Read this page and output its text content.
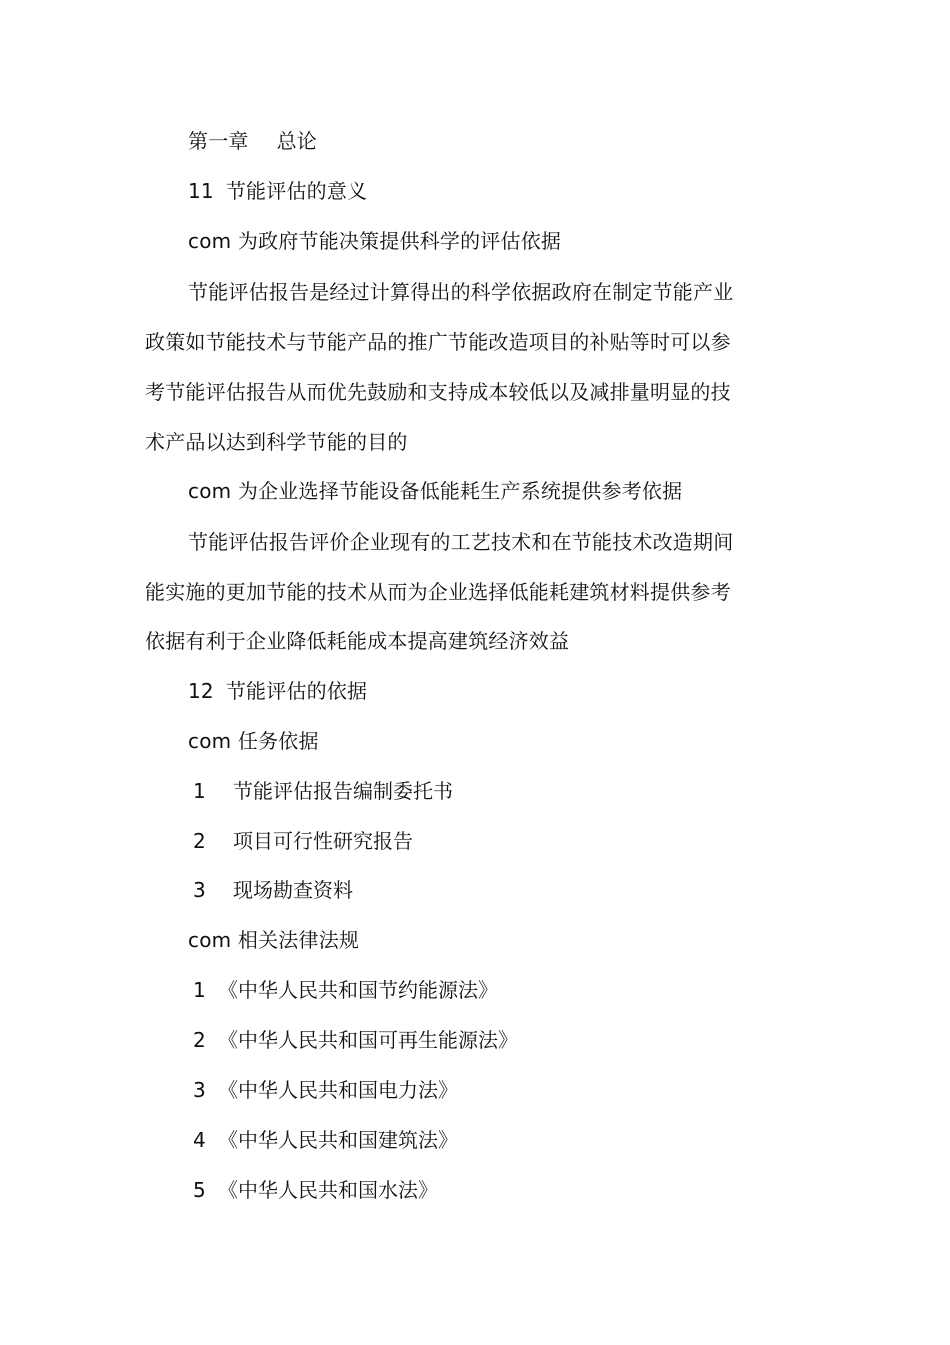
第一章 总论
11 节能评估的意义
com 为政府节能决策提供科学的评估依据
节能评估报告是经过计算得出的科学依据政府在制定节能产业
政策如节能技术与节能产品的推广节能改造项目的补贴等时可以参
考节能评估报告从而优先鼓励和支持成本较低以及减排量明显的技
术产品以达到科学节能的目的
com 为企业选择节能设备低能耗生产系统提供参考依据
节能评估报告评价企业现有的工艺技术和在节能技术改造期间
能实施的更加节能的技术从而为企业选择低能耗建筑材料提供参考
依据有利于企业降低耗能成本提高建筑经济效益
12 节能评估的依据
com 任务依据
1 节能评估报告编制委托书
2 项目可行性研究报告
3 现场勘查资料
com 相关法律法规
1 《中华人民共和国节约能源法》
2 《中华人民共和国可再生能源法》
3 《中华人民共和国电力法》
4 《中华人民共和国建筑法》
5 《中华人民共和国水法》
